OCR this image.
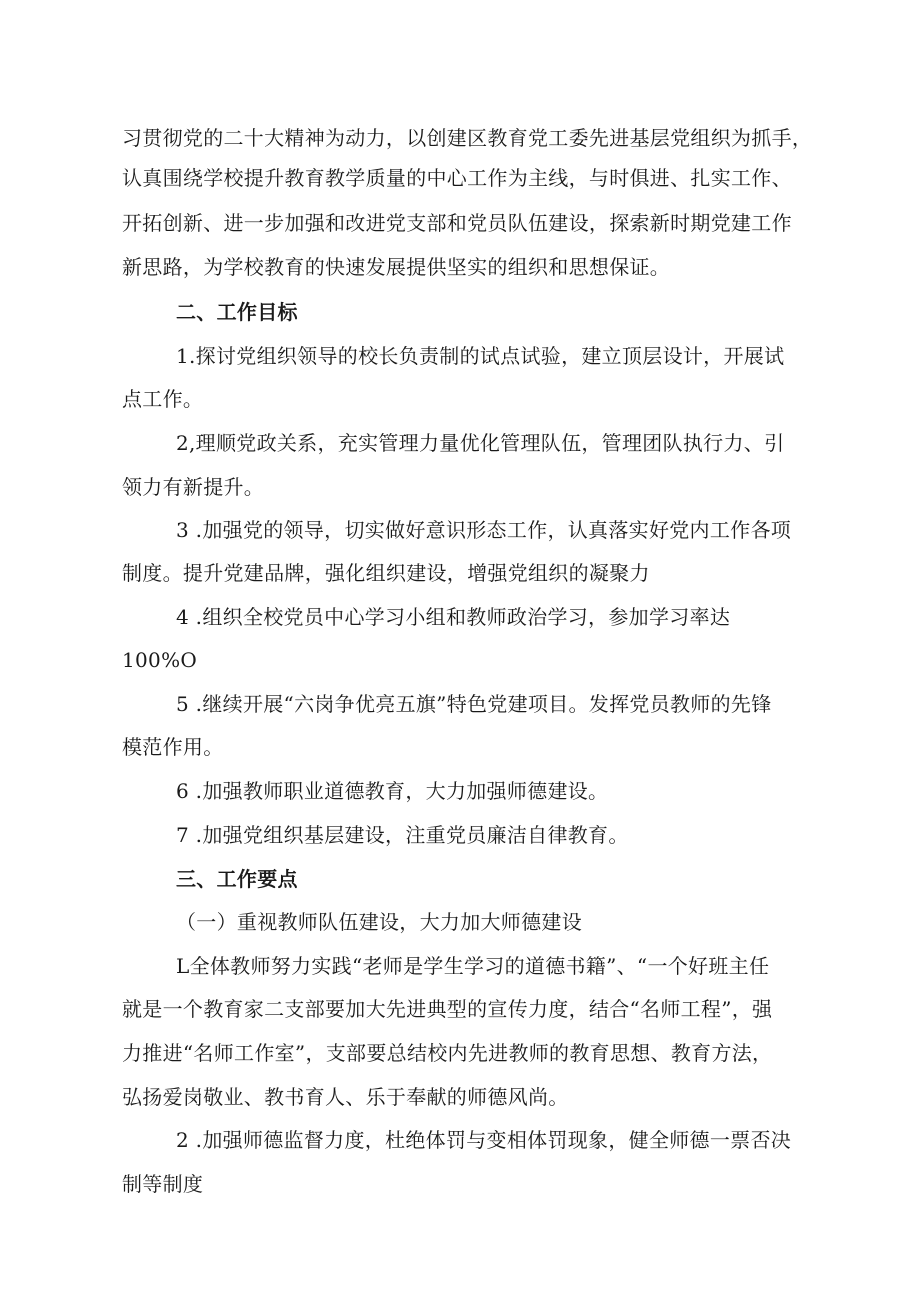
习贯彻党的二十大精神为动力，以创建区教育党工委先进基层党组织为抓手，
认真围绕学校提升教育教学质量的中心工作为主线，与时俱进、扎实工作、
开拓创新、进一步加强和改进党支部和党员队伍建设，探索新时期党建工作
新思路，为学校教育的快速发展提供坚实的组织和思想保证。
二、工作目标
1.探讨党组织领导的校长负责制的试点试验，建立顶层设计，开展试
点工作。
2,理顺党政关系，充实管理力量优化管理队伍，管理团队执行力、引
领力有新提升。
3 .加强党的领导，切实做好意识形态工作，认真落实好党内工作各项
制度。提升党建品牌，强化组织建设，增强党组织的凝聚力
4 .组织全校党员中心学习小组和教师政治学习，参加学习率达
100%O
5 .继续开展“六岗争优亮五旗”特色党建项目。发挥党员教师的先锋
模范作用。
6 .加强教师职业道德教育，大力加强师德建设。
7 .加强党组织基层建设，注重党员廉洁自律教育。
三、工作要点
（一）重视教师队伍建设，大力加大师德建设
L全体教师努力实践“老师是学生学习的道德书籍”、“一个好班主任
就是一个教育家二支部要加大先进典型的宣传力度，结合“名师工程”，强
力推进“名师工作室”，支部要总结校内先进教师的教育思想、教育方法，
弘扬爱岗敬业、教书育人、乐于奉献的师德风尚。
2 .加强师德监督力度，杜绝体罚与变相体罚现象，健全师德一票否决
制等制度
